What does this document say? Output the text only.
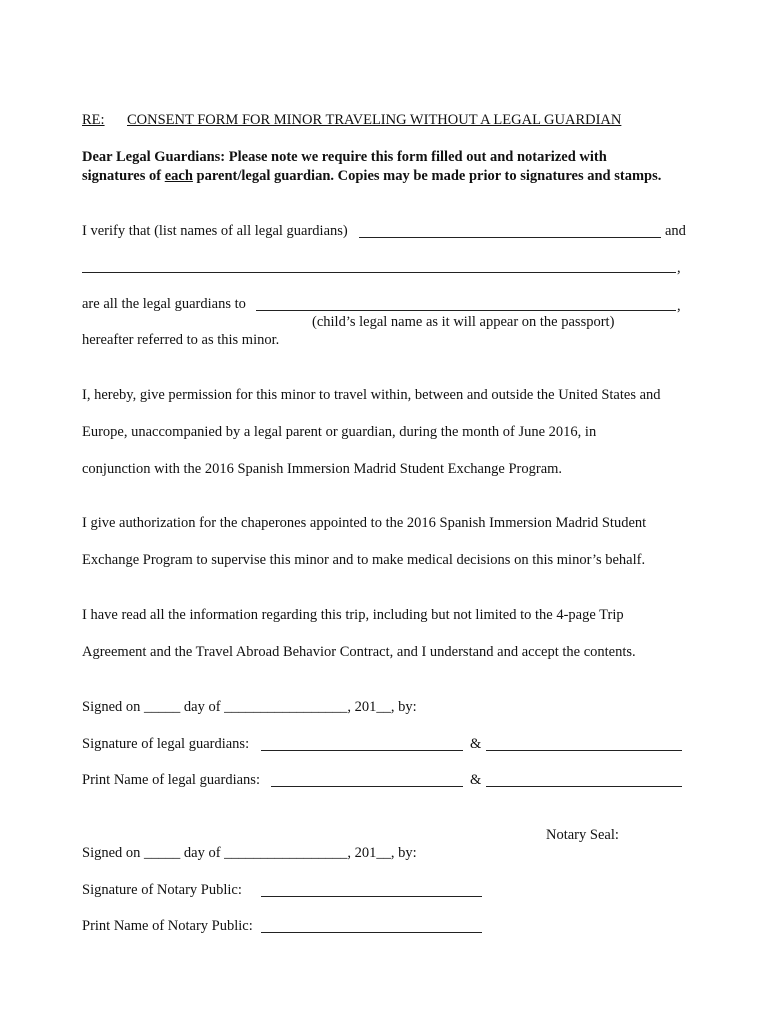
RE: CONSENT FORM FOR MINOR TRAVELING WITHOUT A LEGAL GUARDIAN
Dear Legal Guardians: Please note we require this form filled out and notarized with
signatures of each parent/legal guardian. Copies may be made prior to signatures and stamps.
I verify that (list names of all legal guardians)	and
,
are all the legal guardians to	,
(child’s legal name as it will appear on the passport)
hereafter referred to as this minor.
I, hereby, give permission for this minor to travel within, between and outside the United States and
Europe, unaccompanied by a legal parent or guardian, during the month of June 2016, in
conjunction with the 2016 Spanish Immersion Madrid Student Exchange Program.
I give authorization for the chaperones appointed to the 2016 Spanish Immersion Madrid Student
Exchange Program to supervise this minor and to make medical decisions on this minor’s behalf.
I have read all the information regarding this trip, including but not limited to the 4-page Trip
Agreement and the Travel Abroad Behavior Contract, and I understand and accept the contents.
Signed on _____ day of _________________, 201__, by:
Signature of legal guardians:	&
Print Name of legal guardians:	&
Notary Seal:
Signed on _____ day of _________________, 201__, by:
Signature of Notary Public:
Print Name of Notary Public:
